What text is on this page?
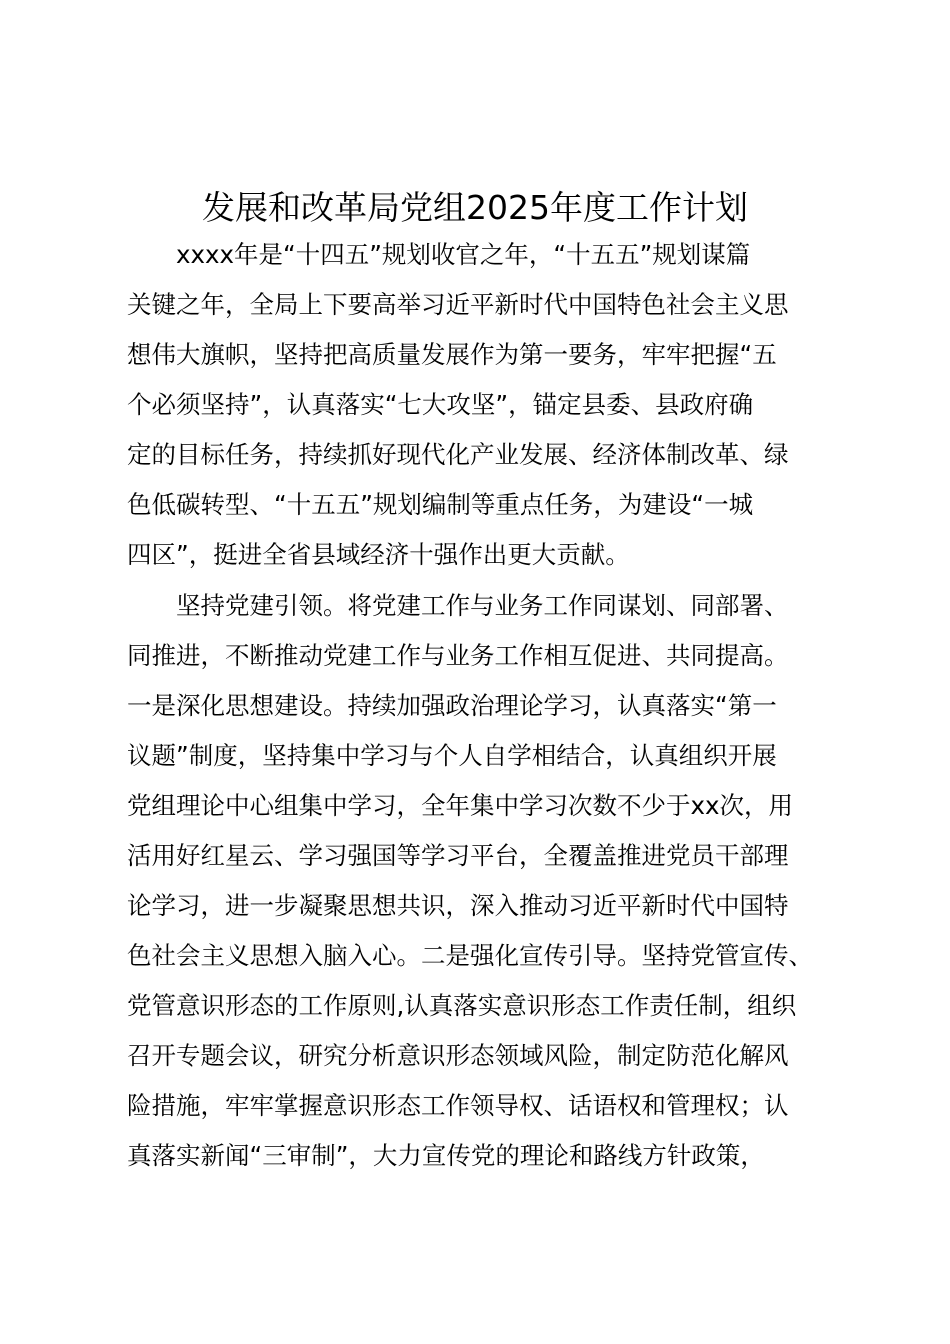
发展和改革局党组2025年度工作计划

xxxx年是“十四五”规划收官之年，“十五五”规划谋篇

关键之年，全局上下要高举习近平新时代中国特色社会主义思

想伟大旗帜，坚持把高质量发展作为第一要务，牢牢把握“五

个必须坚持”，认真落实“七大攻坚”，锚定县委、县政府确

定的目标任务，持续抓好现代化产业发展、经济体制改革、绿

色低碳转型、“十五五”规划编制等重点任务，为建设“一城

四区”，挺进全省县域经济十强作出更大贡献。

坚持党建引领。将党建工作与业务工作同谋划、同部署、

同推进，不断推动党建工作与业务工作相互促进、共同提高。

一是深化思想建设。持续加强政治理论学习，认真落实“第一

议题”制度，坚持集中学习与个人自学相结合，认真组织开展

党组理论中心组集中学习，全年集中学习次数不少于xx次，用

活用好红星云、学习强国等学习平台，全覆盖推进党员干部理

论学习，进一步凝聚思想共识，深入推动习近平新时代中国特

色社会主义思想入脑入心。二是强化宣传引导。坚持党管宣传、

党管意识形态的工作原则,认真落实意识形态工作责任制，组织

召开专题会议，研究分析意识形态领域风险，制定防范化解风

险措施，牢牢掌握意识形态工作领导权、话语权和管理权；认

真落实新闻“三审制”，大力宣传党的理论和路线方针政策，
